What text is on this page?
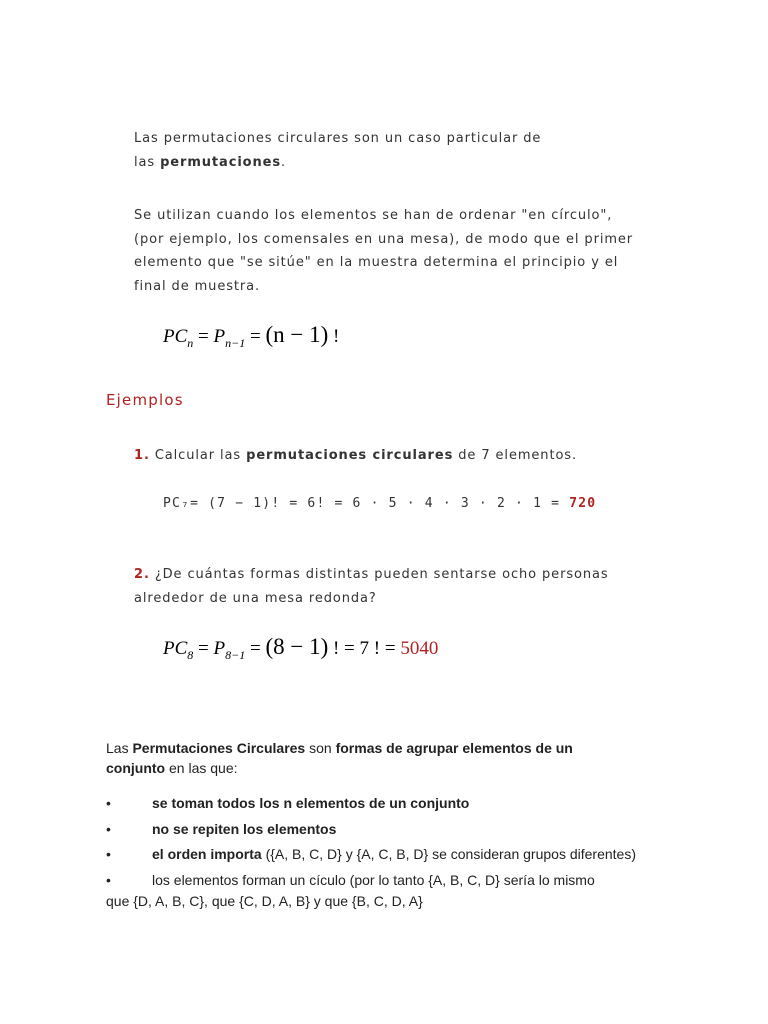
Las permutaciones circulares son un caso particular de
las permutaciones.

Se utilizan cuando los elementos se han de ordenar "en círculo",
(por ejemplo, los comensales en una mesa), de modo que el primer
elemento que "se sitúe" en la muestra determina el principio y el
final de muestra.

$PC_n = P_{n-1} = (n - 1)$ !
Ejemplos

1. Calcular las permutaciones circulares de 7 elementos.

PC₇= (7 − 1)! = 6! = 6 · 5 · 4 · 3 · 2 · 1 = 720

2. ¿De cuántas formas distintas pueden sentarse ocho personas
alrededor de una mesa redonda?

$PC_8 = P_{8-1} = (8 - 1)$ ! = 7 ! = 5040
Las Permutaciones Circulares son formas de agrupar elementos de un
conjunto en las que:
•	se toman todos los n elementos de un conjunto
•	no se repiten los elementos
•	el orden importa ({A, B, C, D} y {A, C, B, D} se consideran grupos diferentes)
•	los elementos forman un cículo (por lo tanto {A, B, C, D} sería lo mismo
que {D, A, B, C}, que {C, D, A, B} y que {B, C, D, A}
